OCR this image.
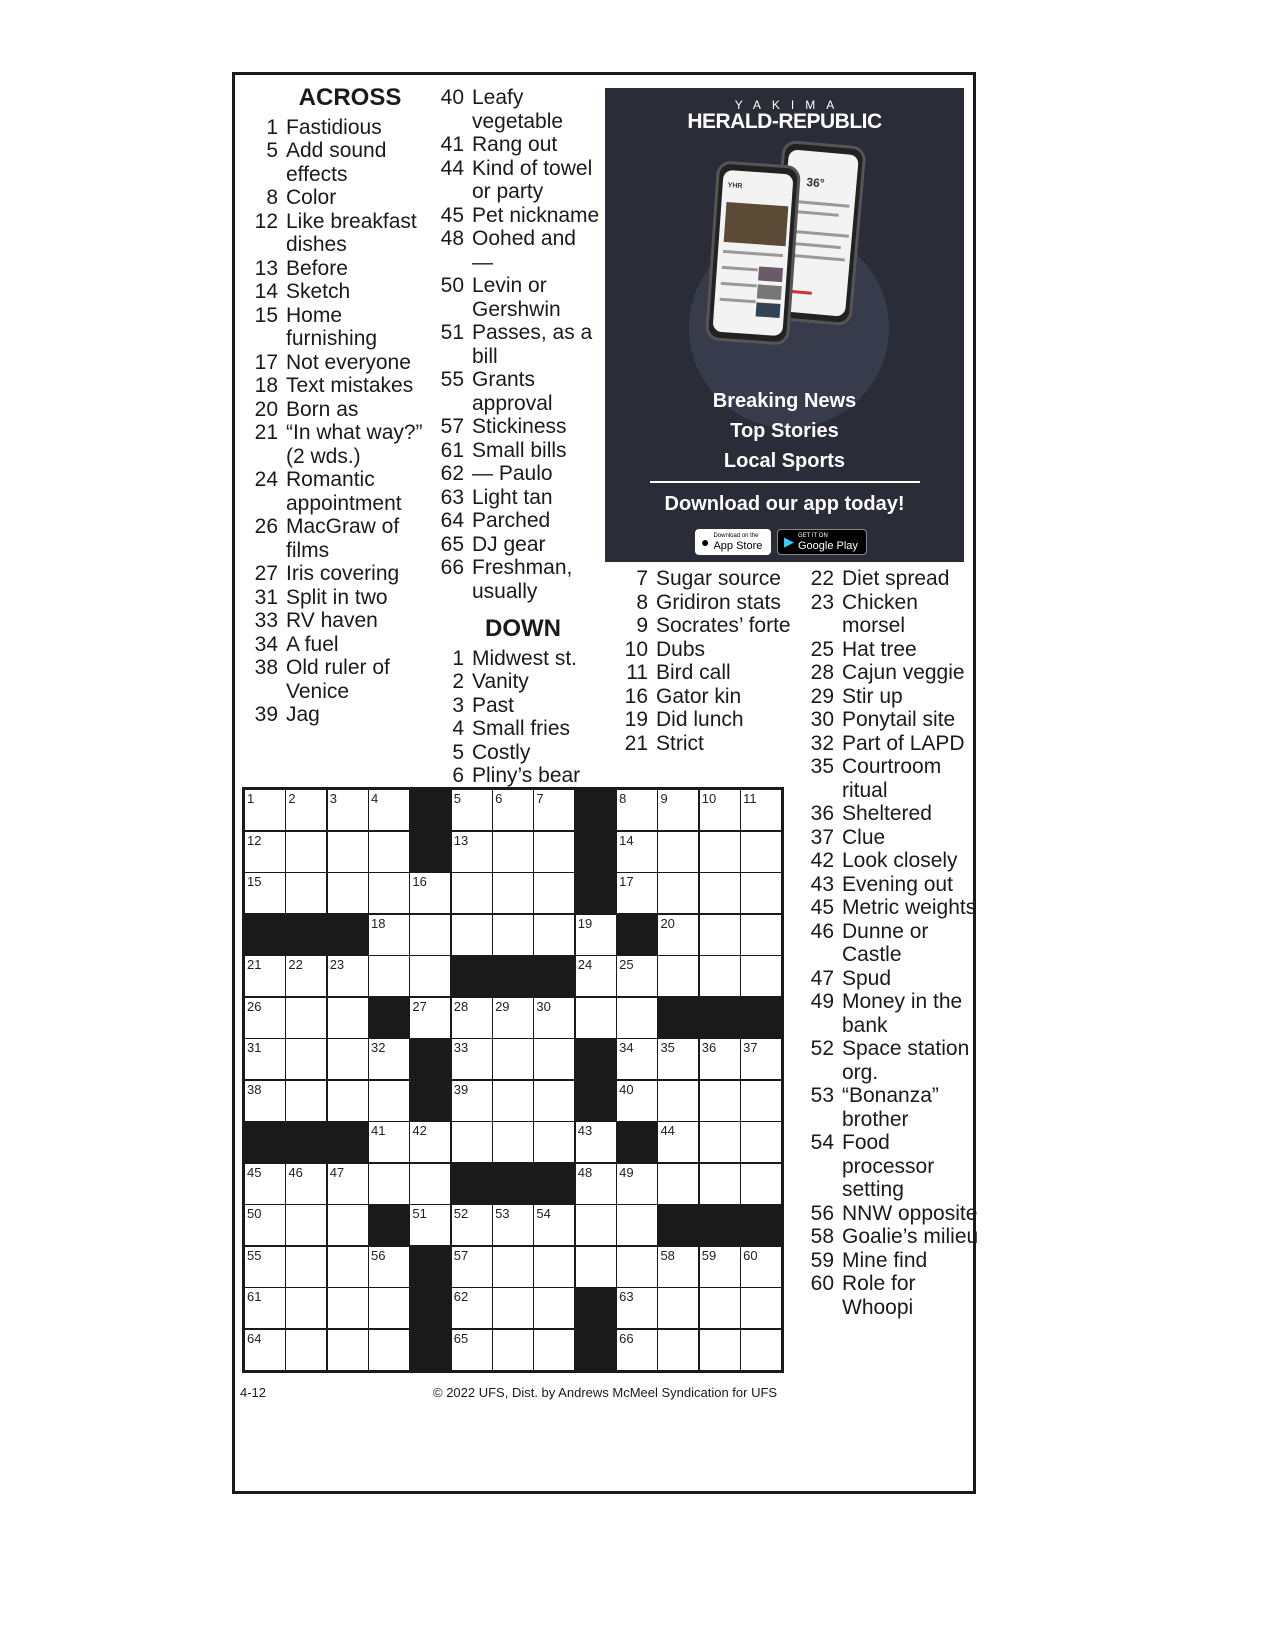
ACROSS
1 Fastidious
5 Add sound effects
8 Color
12 Like breakfast dishes
13 Before
14 Sketch
15 Home furnishing
17 Not everyone
18 Text mistakes
20 Born as
21 “In what way?” (2 wds.)
24 Romantic appointment
26 MacGraw of films
27 Iris covering
31 Split in two
33 RV haven
34 A fuel
38 Old ruler of Venice
39 Jag
40 Leafy vegetable
41 Rang out
44 Kind of towel or party
45 Pet nickname
48 Oohed and —
50 Levin or Gershwin
51 Passes, as a bill
55 Grants approval
57 Stickiness
61 Small bills
62 — Paulo
63 Light tan
64 Parched
65 DJ gear
66 Freshman, usually
DOWN
1 Midwest st.
2 Vanity
3 Past
4 Small fries
5 Costly
6 Pliny’s bear
7 Sugar source
8 Gridiron stats
9 Socrates’ forte
10 Dubs
11 Bird call
16 Gator kin
19 Did lunch
21 Strict
22 Diet spread
23 Chicken morsel
25 Hat tree
28 Cajun veggie
29 Stir up
30 Ponytail site
32 Part of LAPD
35 Courtroom ritual
36 Sheltered
37 Clue
42 Look closely
43 Evening out
45 Metric weights
46 Dunne or Castle
47 Spud
49 Money in the bank
52 Space station org.
53 “Bonanza” brother
54 Food processor setting
56 NNW opposite
58 Goalie’s milieu
59 Mine find
60 Role for Whoopi
YAKIMA
HERALD-REPUBLIC
36°
YHR
Breaking News
Top Stories
Local Sports
Download our app today!
● Download on the
App Store ▶ GET IT ON
Google Play
1	2	3	4	5	6	7	8	9	10 11
12	13	14
15	16	17
18	19	20
21 22 23	24 25
26	27 28 29 30
31	32	33	34 35 36 37
38	39	40
41 42	43	44
45 46 47	48 49
50	51 52 53 54
55	56	57	58 59 60
61	62	63
64	65	66
4-12	© 2022 UFS, Dist. by Andrews McMeel Syndication for UFS
